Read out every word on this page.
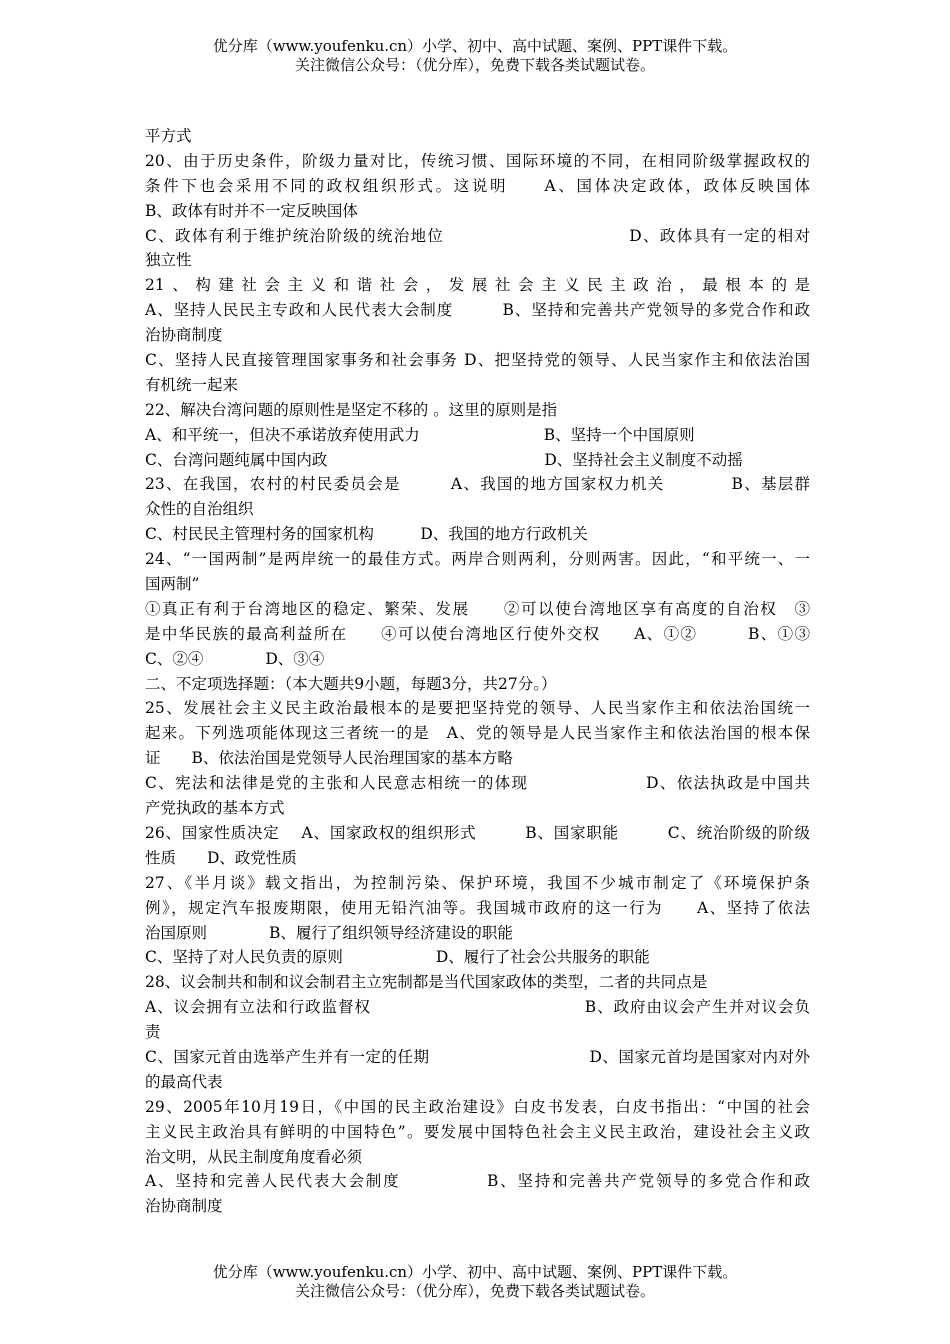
优分库（www.youfenku.cn）小学、初中、高中试题、案例、PPT课件下载。
关注微信公众号：（优分库），免费下载各类试题试卷。
平方式
20、由于历史条件，阶级力量对比，传统习惯、国际环境的不同，在相同阶级掌握政权的
条件下也会采用不同的政权组织形式。这说明　　A、国体决定政体，政体反映国体
B、政体有时并不一定反映国体
C、政体有利于维护统治阶级的统治地位　　　　　　　　　　　D、政体具有一定的相对
独立性
21、构建社会主义和谐社会，发展社会主义民主政治，最根本的是
A、坚持人民民主专政和人民代表大会制度　　　B、坚持和完善共产党领导的多党合作和政
治协商制度
C、坚持人民直接管理国家事务和社会事务 D、把坚持党的领导、人民当家作主和依法治国
有机统一起来
22、解决台湾问题的原则性是坚定不移的 。这里的原则是指
A、和平统一，但决不承诺放弃使用武力　　　　　　　　B、坚持一个中国原则
C、台湾问题纯属中国内政　　　　　　　　　　　　　　D、坚持社会主义制度不动摇
23、在我国，农村的村民委员会是　　　A、我国的地方国家权力机关　　　　B、基层群
众性的自治组织
C、村民民主管理村务的国家机构　　　D、我国的地方行政机关
24、“一国两制”是两岸统一的最佳方式。两岸合则两利，分则两害。因此，“和平统一、一
国两制”
①真正有利于台湾地区的稳定、繁荣、发展　　②可以使台湾地区享有高度的自治权　③
是中华民族的最高利益所在　　④可以使台湾地区行使外交权　　A、①②　　　B、①③
C、②④　　　　D、③④
二、不定项选择题：（本大题共9小题，每题3分，共27分。）
25、发展社会主义民主政治最根本的是要把坚持党的领导、人民当家作主和依法治国统一
起来。下列选项能体现这三者统一的是　A、党的领导是人民当家作主和依法治国的根本保
证　　B、依法治国是党领导人民治理国家的基本方略
C、宪法和法律是党的主张和人民意志相统一的体现　　　　　　　D、依法执政是中国共
产党执政的基本方式
26、国家性质决定　 A、国家政权的组织形式　　　B、国家职能　　　C、统治阶级的阶级
性质　　D、政党性质
27、《半月谈》载文指出，为控制污染、保护环境，我国不少城市制定了《环境保护条
例》，规定汽车报废期限，使用无铅汽油等。我国城市政府的这一行为　　A、坚持了依法
治国原则　　　　B、履行了组织领导经济建设的职能
C、坚持了对人民负责的原则　　　　　　D、履行了社会公共服务的职能
28、议会制共和制和议会制君主立宪制都是当代国家政体的类型，二者的共同点是
A、议会拥有立法和行政监督权　　　　　　　　　　　　　B、政府由议会产生并对议会负
责
C、国家元首由选举产生并有一定的任期　　　　　　　　　　D、国家元首均是国家对内对外
的最高代表
29、2005年10月19日，《中国的民主政治建设》白皮书发表，白皮书指出：“中国的社会
主义民主政治具有鲜明的中国特色”。要发展中国特色社会主义民主政治，建设社会主义政
治文明，从民主制度角度看必须
A、坚持和完善人民代表大会制度　　　　　B、坚持和完善共产党领导的多党合作和政
治协商制度
优分库（www.youfenku.cn）小学、初中、高中试题、案例、PPT课件下载。
关注微信公众号：（优分库），免费下载各类试题试卷。
